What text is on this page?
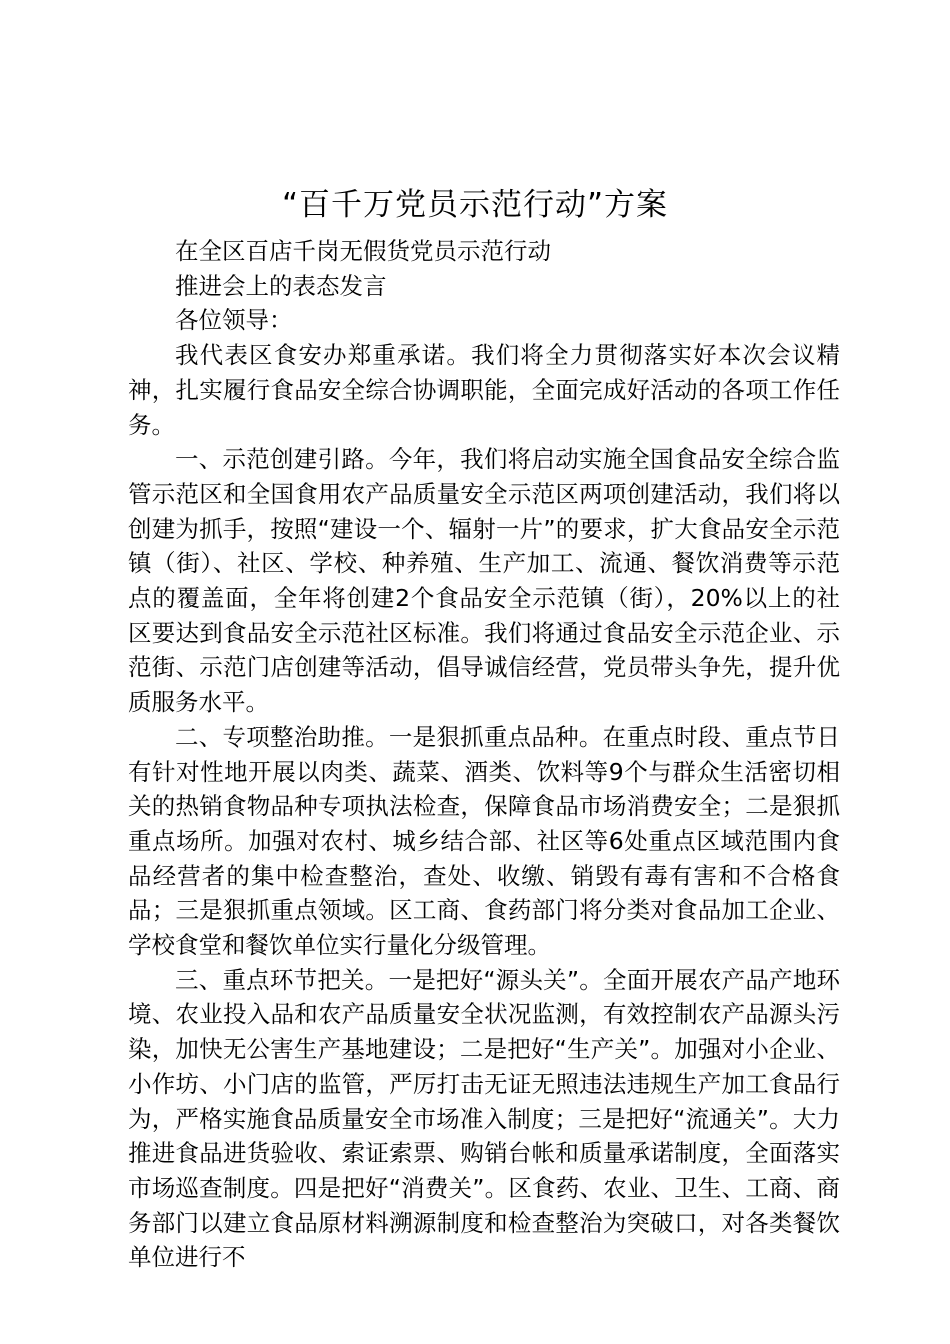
“百千万党员示范行动”方案

在全区百店千岗无假货党员示范行动

推进会上的表态发言

各位领导：

我代表区食安办郑重承诺。我们将全力贯彻落实好本次会议精神，扎实履行食品安全综合协调职能，全面完成好活动的各项工作任务。

一、示范创建引路。今年，我们将启动实施全国食品安全综合监管示范区和全国食用农产品质量安全示范区两项创建活动，我们将以创建为抓手，按照“建设一个、辐射一片”的要求，扩大食品安全示范镇（街）、社区、学校、种养殖、生产加工、流通、餐饮消费等示范点的覆盖面，全年将创建2个食品安全示范镇（街），20%以上的社区要达到食品安全示范社区标准。我们将通过食品安全示范企业、示范街、示范门店创建等活动，倡导诚信经营，党员带头争先，提升优质服务水平。

二、专项整治助推。一是狠抓重点品种。在重点时段、重点节日有针对性地开展以肉类、蔬菜、酒类、饮料等9个与群众生活密切相关的热销食物品种专项执法检查，保障食品市场消费安全；二是狠抓重点场所。加强对农村、城乡结合部、社区等6处重点区域范围内食品经营者的集中检查整治，查处、收缴、销毁有毒有害和不合格食品；三是狠抓重点领域。区工商、食药部门将分类对食品加工企业、学校食堂和餐饮单位实行量化分级管理。

三、重点环节把关。一是把好“源头关”。全面开展农产品产地环境、农业投入品和农产品质量安全状况监测，有效控制农产品源头污染，加快无公害生产基地建设；二是把好“生产关”。加强对小企业、小作坊、小门店的监管，严厉打击无证无照违法违规生产加工食品行为，严格实施食品质量安全市场准入制度；三是把好“流通关”。大力推进食品进货验收、索证索票、购销台帐和质量承诺制度，全面落实市场巡查制度。四是把好“消费关”。区食药、农业、卫生、工商、商务部门以建立食品原材料溯源制度和检查整治为突破口，对各类餐饮单位进行不
